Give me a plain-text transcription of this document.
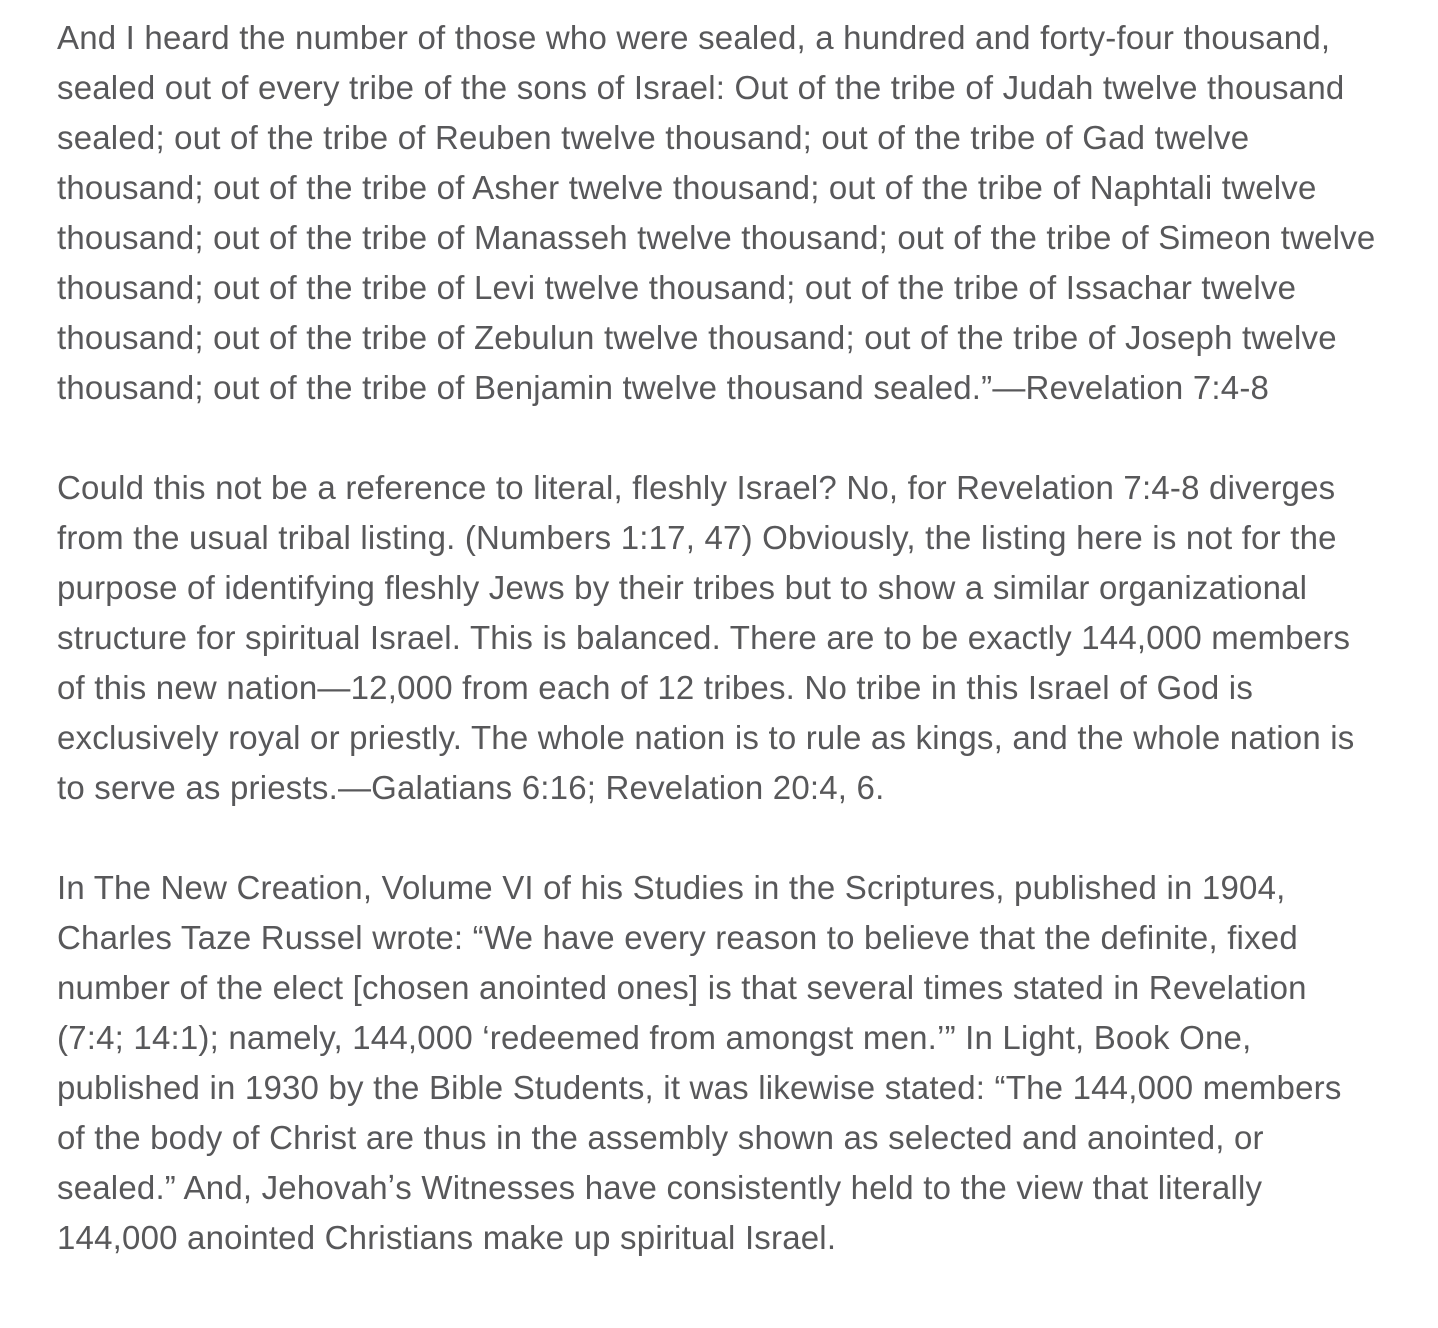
And I heard the number of those who were sealed, a hundred and forty-four thousand, sealed out of every tribe of the sons of Israel: Out of the tribe of Judah twelve thousand sealed; out of the tribe of Reuben twelve thousand; out of the tribe of Gad twelve thousand; out of the tribe of Asher twelve thousand; out of the tribe of Naphtali twelve thousand; out of the tribe of Manasseh twelve thousand; out of the tribe of Simeon twelve thousand; out of the tribe of Levi twelve thousand; out of the tribe of Issachar twelve thousand; out of the tribe of Zebulun twelve thousand; out of the tribe of Joseph twelve thousand; out of the tribe of Benjamin twelve thousand sealed.”—Revelation 7:4-8

Could this not be a reference to literal, fleshly Israel? No, for Revelation 7:4-8 diverges from the usual tribal listing. (Numbers 1:17, 47) Obviously, the listing here is not for the purpose of identifying fleshly Jews by their tribes but to show a similar organizational structure for spiritual Israel. This is balanced. There are to be exactly 144,000 members of this new nation—12,000 from each of 12 tribes. No tribe in this Israel of God is exclusively royal or priestly. The whole nation is to rule as kings, and the whole nation is to serve as priests.—Galatians 6:16; Revelation 20:4, 6.

In The New Creation, Volume VI of his Studies in the Scriptures, published in 1904, Charles Taze Russel wrote: “We have every reason to believe that the definite, fixed number of the elect [chosen anointed ones] is that several times stated in Revelation (7:4; 14:1); namely, 144,000 ‘redeemed from amongst men.’” In Light, Book One, published in 1930 by the Bible Students, it was likewise stated: “The 144,000 members of the body of Christ are thus in the assembly shown as selected and anointed, or sealed.” And, Jehovahʼs Witnesses have consistently held to the view that literally 144,000 anointed Christians make up spiritual Israel.
